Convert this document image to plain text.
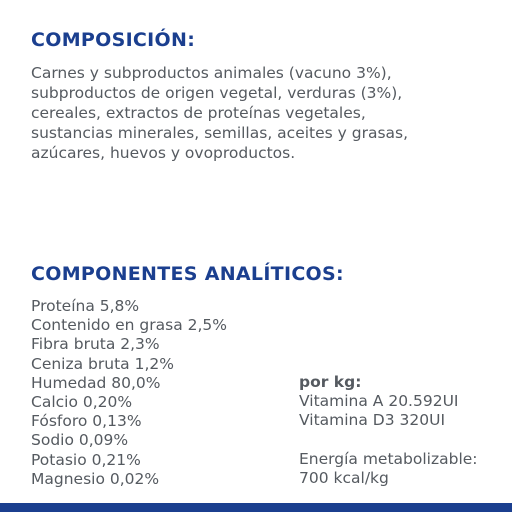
COMPOSICIÓN:

Carnes y subproductos animales (vacuno 3%),
subproductos de origen vegetal, verduras (3%),
cereales, extractos de proteínas vegetales,
sustancias minerales, semillas, aceites y grasas,
azúcares, huevos y ovoproductos.

COMPONENTES ANALÍTICOS:
Proteína 5,8%
Contenido en grasa 2,5%
Fibra bruta 2,3%
Ceniza bruta 1,2%
Humedad 80,0%
Calcio 0,20%
Fósforo 0,13%
Sodio 0,09%
Potasio 0,21%
Magnesio 0,02%
por kg:
Vitamina A 20.592UI
Vitamina D3 320UI
Energía metabolizable:
700 kcal/kg
